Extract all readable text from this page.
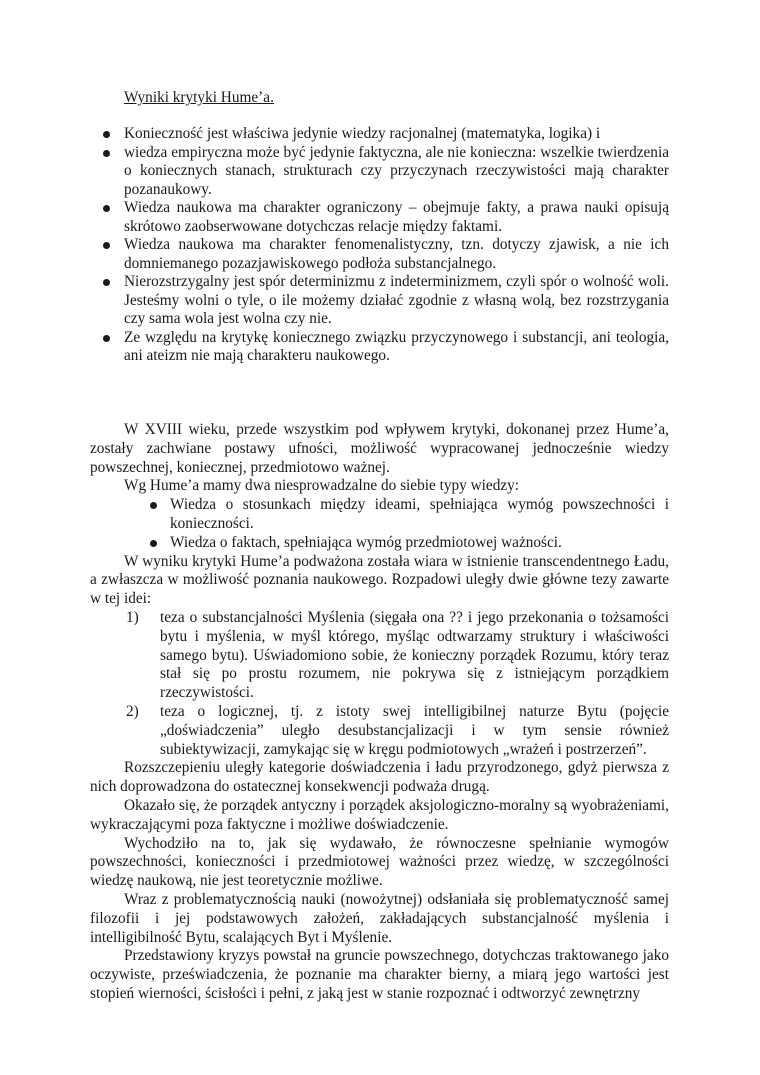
Wyniki krytyki Hume’a.
Konieczność jest właściwa jedynie wiedzy racjonalnej (matematyka, logika) i
wiedza empiryczna może być jedynie faktyczna, ale nie konieczna: wszelkie twierdzenia o koniecznych stanach, strukturach czy przyczynach rzeczywistości mają charakter pozanaukowy.
Wiedza naukowa ma charakter ograniczony – obejmuje fakty, a prawa nauki opisują skrótowo zaobserwowane dotychczas relacje między faktami.
Wiedza naukowa ma charakter fenomenalistyczny, tzn. dotyczy zjawisk, a nie ich domniemanego pozazjawiskowego podłoża substancjalnego.
Nierozstrzygalny jest spór determinizmu z indeterminizmem, czyli spór o wolność woli. Jesteśmy wolni o tyle, o ile możemy działać zgodnie z własną wolą, bez rozstrzygania czy sama wola jest wolna czy nie.
Ze względu na krytykę koniecznego związku przyczynowego i substancji, ani teologia, ani ateizm nie mają charakteru naukowego.

W XVIII wieku, przede wszystkim pod wpływem krytyki, dokonanej przez Hume’a, zostały zachwiane postawy ufności, możliwość wypracowanej jednocześnie wiedzy powszechnej, koniecznej, przedmiotowo ważnej.

Wg Hume’a mamy dwa niesprowadzalne do siebie typy wiedzy:

Wiedza o stosunkach między ideami, spełniająca wymóg powszechności i konieczności.
Wiedza o faktach, spełniająca wymóg przedmiotowej ważności.

W wyniku krytyki Hume’a podważona została wiara w istnienie transcendentnego Ładu, a zwłaszcza w możliwość poznania naukowego. Rozpadowi uległy dwie główne tezy zawarte w tej idei:

1) teza o substancjalności Myślenia (sięgała ona ?? i jego przekonania o tożsamości bytu i myślenia, w myśl którego, myśląc odtwarzamy struktury i właściwości samego bytu). Uświadomiono sobie, że konieczny porządek Rozumu, który teraz stał się po prostu rozumem, nie pokrywa się z istniejącym porządkiem rzeczywistości.
2) teza o logicznej, tj. z istoty swej intelligibilnej naturze Bytu (pojęcie „doświadczenia” uległo desubstancjalizacji i w tym sensie również subiektywizacji, zamykając się w kręgu podmiotowych „wrażeń i postrzerzeń”.

Rozszczepieniu uległy kategorie doświadczenia i ładu przyrodzonego, gdyż pierwsza z nich doprowadzona do ostatecznej konsekwencji podważa drugą.

Okazało się, że porządek antyczny i porządek aksjologiczno-moralny są wyobrażeniami, wykraczającymi poza faktyczne i możliwe doświadczenie.

Wychodziło na to, jak się wydawało, że równoczesne spełnianie wymogów powszechności, konieczności i przedmiotowej ważności przez wiedzę, w szczególności wiedzę naukową, nie jest teoretycznie możliwe.

Wraz z problematycznością nauki (nowożytnej) odsłaniała się problematyczność samej filozofii i jej podstawowych założeń, zakładających substancjalność myślenia i intelligibilność Bytu, scalających Byt i Myślenie.

Przedstawiony kryzys powstał na gruncie powszechnego, dotychczas traktowanego jako oczywiste, przeświadczenia, że poznanie ma charakter bierny, a miarą jego wartości jest stopień wierności, ścisłości i pełni, z jaką jest w stanie rozpoznać i odtworzyć zewnętrzny
